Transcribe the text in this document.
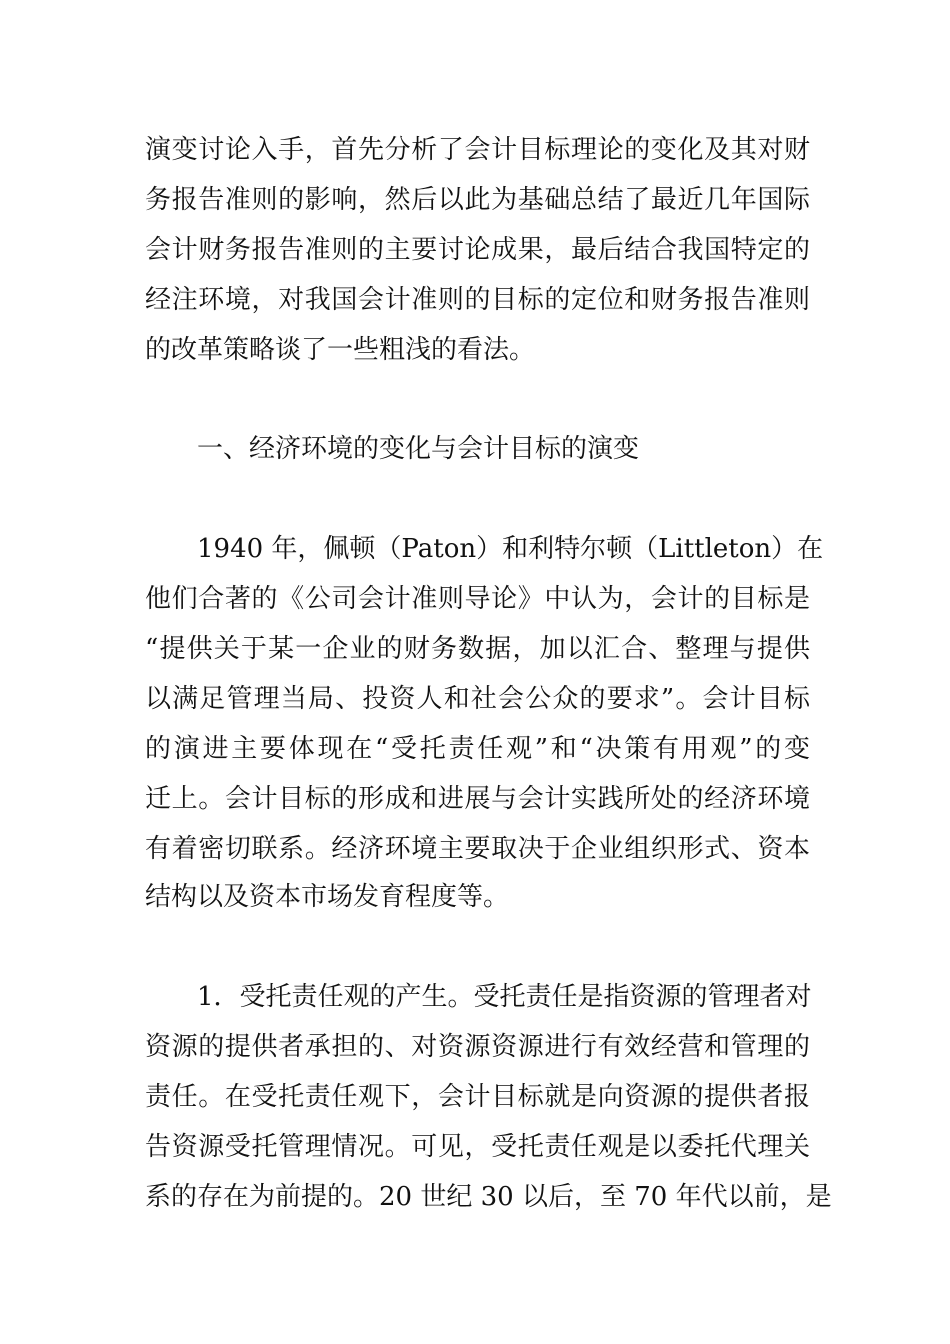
演变讨论入手，首先分析了会计目标理论的变化及其对财
务报告准则的影响，然后以此为基础总结了最近几年国际
会计财务报告准则的主要讨论成果，最后结合我国特定的
经注环境，对我国会计准则的目标的定位和财务报告准则
的改革策略谈了一些粗浅的看法。
一、经济环境的变化与会计目标的演变
1940 年，佩顿（Paton）和利特尔顿（Littleton）在
他们合著的《公司会计准则导论》中认为，会计的目标是
“提供关于某一企业的财务数据，加以汇合、整理与提供
以满足管理当局、投资人和社会公众的要求”。会计目标
的演进主要体现在“受托责任观”和“决策有用观”的变
迁上。会计目标的形成和进展与会计实践所处的经济环境
有着密切联系。经济环境主要取决于企业组织形式、资本
结构以及资本市场发育程度等。
1．受托责任观的产生。受托责任是指资源的管理者对
资源的提供者承担的、对资源资源进行有效经营和管理的
责任。在受托责任观下，会计目标就是向资源的提供者报
告资源受托管理情况。可见，受托责任观是以委托代理关
系的存在为前提的。20 世纪 30 以后，至 70 年代以前，是
